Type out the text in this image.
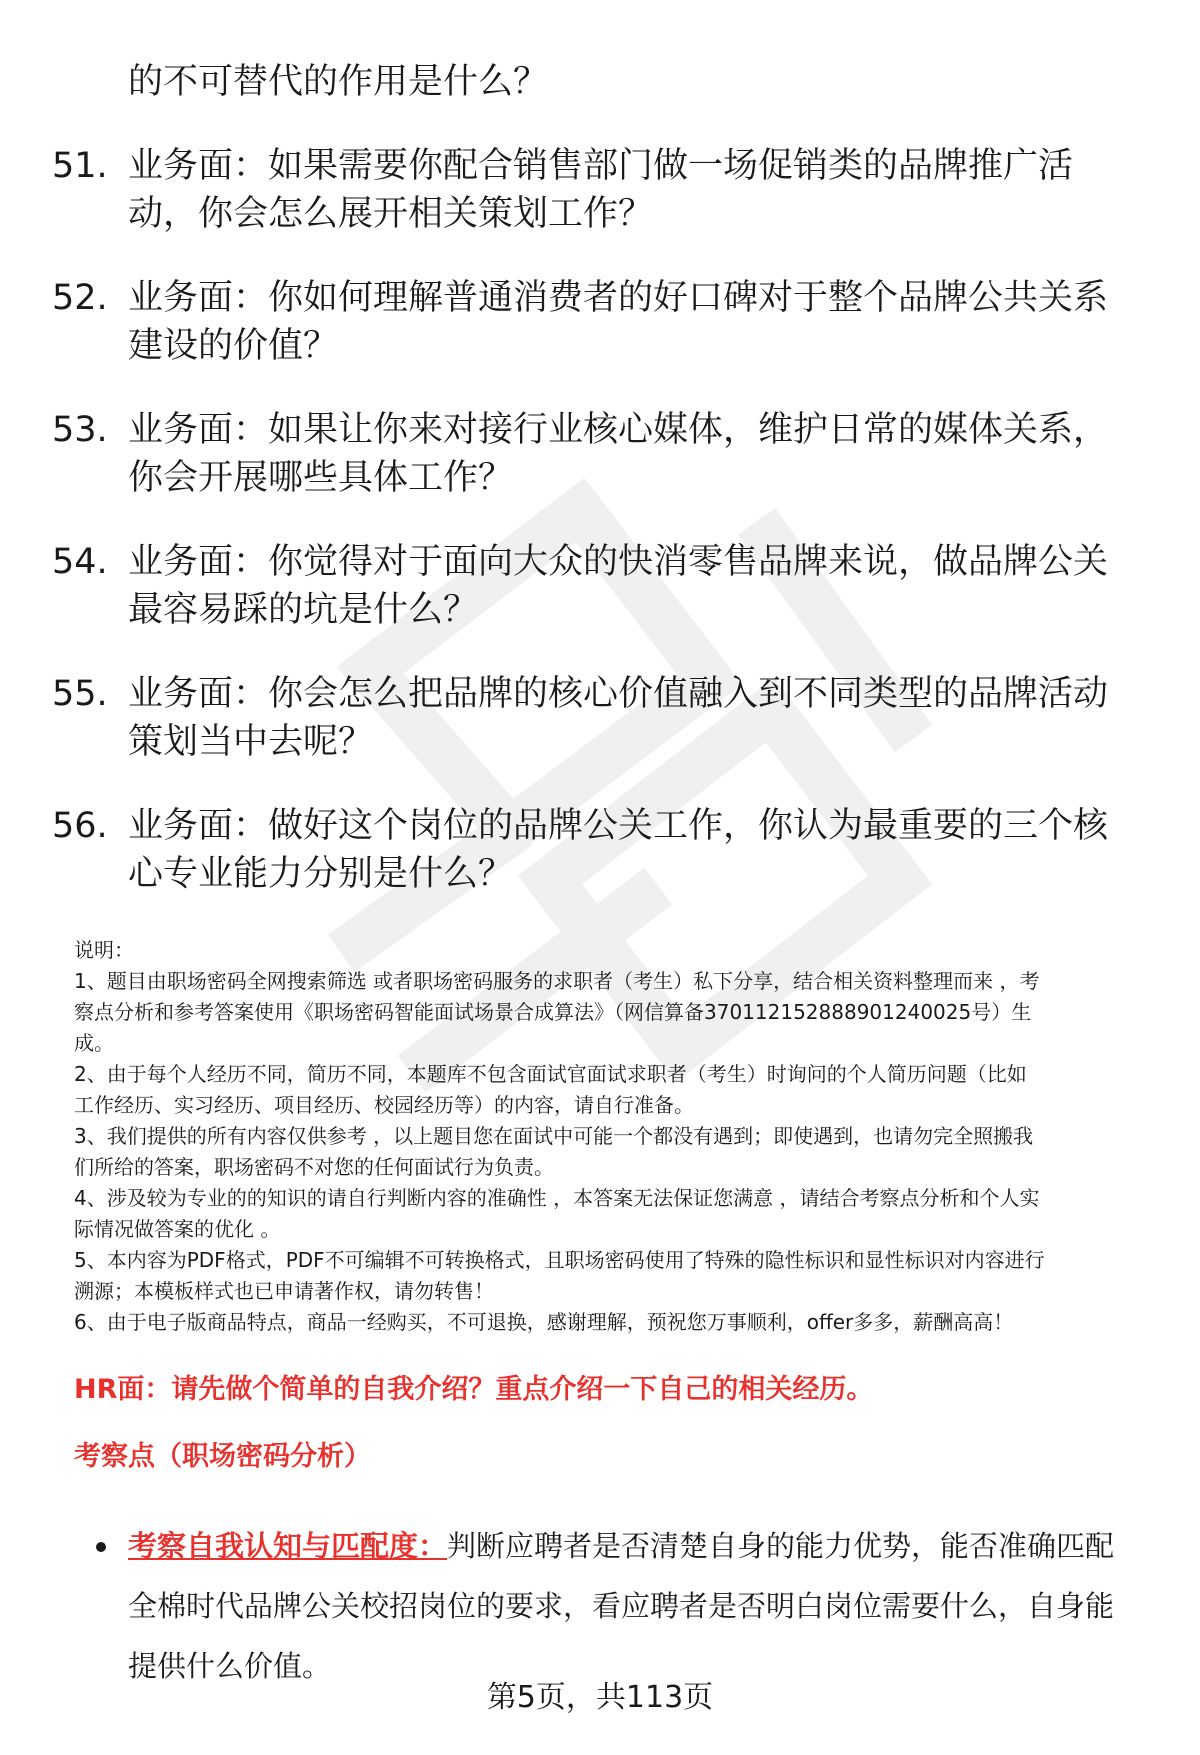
的不可替代的作用是什么？
51. 业务面：如果需要你配合销售部门做一场促销类的品牌推广活
动，你会怎么展开相关策划工作？
52. 业务面：你如何理解普通消费者的好口碑对于整个品牌公共关系
建设的价值？
53. 业务面：如果让你来对接行业核心媒体，维护日常的媒体关系，
你会开展哪些具体工作？
54. 业务面：你觉得对于面向大众的快消零售品牌来说，做品牌公关
最容易踩的坑是什么？
55. 业务面：你会怎么把品牌的核心价值融入到不同类型的品牌活动
策划当中去呢？
56. 业务面：做好这个岗位的品牌公关工作，你认为最重要的三个核
心专业能力分别是什么？

说明：

1、题目由职场密码全网搜索筛选 或者职场密码服务的求职者（考生）私下分享，结合相关资料整理而来 ，考

察点分析和参考答案使用《职场密码智能面试场景合成算法》（网信算备370112152888901240025号）生

成。

2、由于每个人经历不同，简历不同，本题库不包含面试官面试求职者（考生）时询问的个人简历问题（比如

工作经历、实习经历、项目经历、校园经历等）的内容，请自行准备。

3、我们提供的所有内容仅供参考 ，以上题目您在面试中可能一个都没有遇到；即使遇到，也请勿完全照搬我

们所给的答案，职场密码不对您的任何面试行为负责。

4、涉及较为专业的的知识的请自行判断内容的准确性 ，本答案无法保证您满意 ，请结合考察点分析和个人实

际情况做答案的优化 。

5、本内容为PDF格式，PDF不可编辑不可转换格式，且职场密码使用了特殊的隐性标识和显性标识对内容进行

溯源；本模板样式也已申请著作权，请勿转售！

6、由于电子版商品特点，商品一经购买，不可退换，感谢理解，预祝您万事顺利，offer多多，薪酬高高！

HR面：请先做个简单的自我介绍？重点介绍一下自己的相关经历。
考察点（职场密码分析）
考察自我认知与匹配度：判断应聘者是否清楚自身的能力优势，能否准确匹配
全棉时代品牌公关校招岗位的要求，看应聘者是否明白岗位需要什么，自身能
提供什么价值。
第5页，共113页
